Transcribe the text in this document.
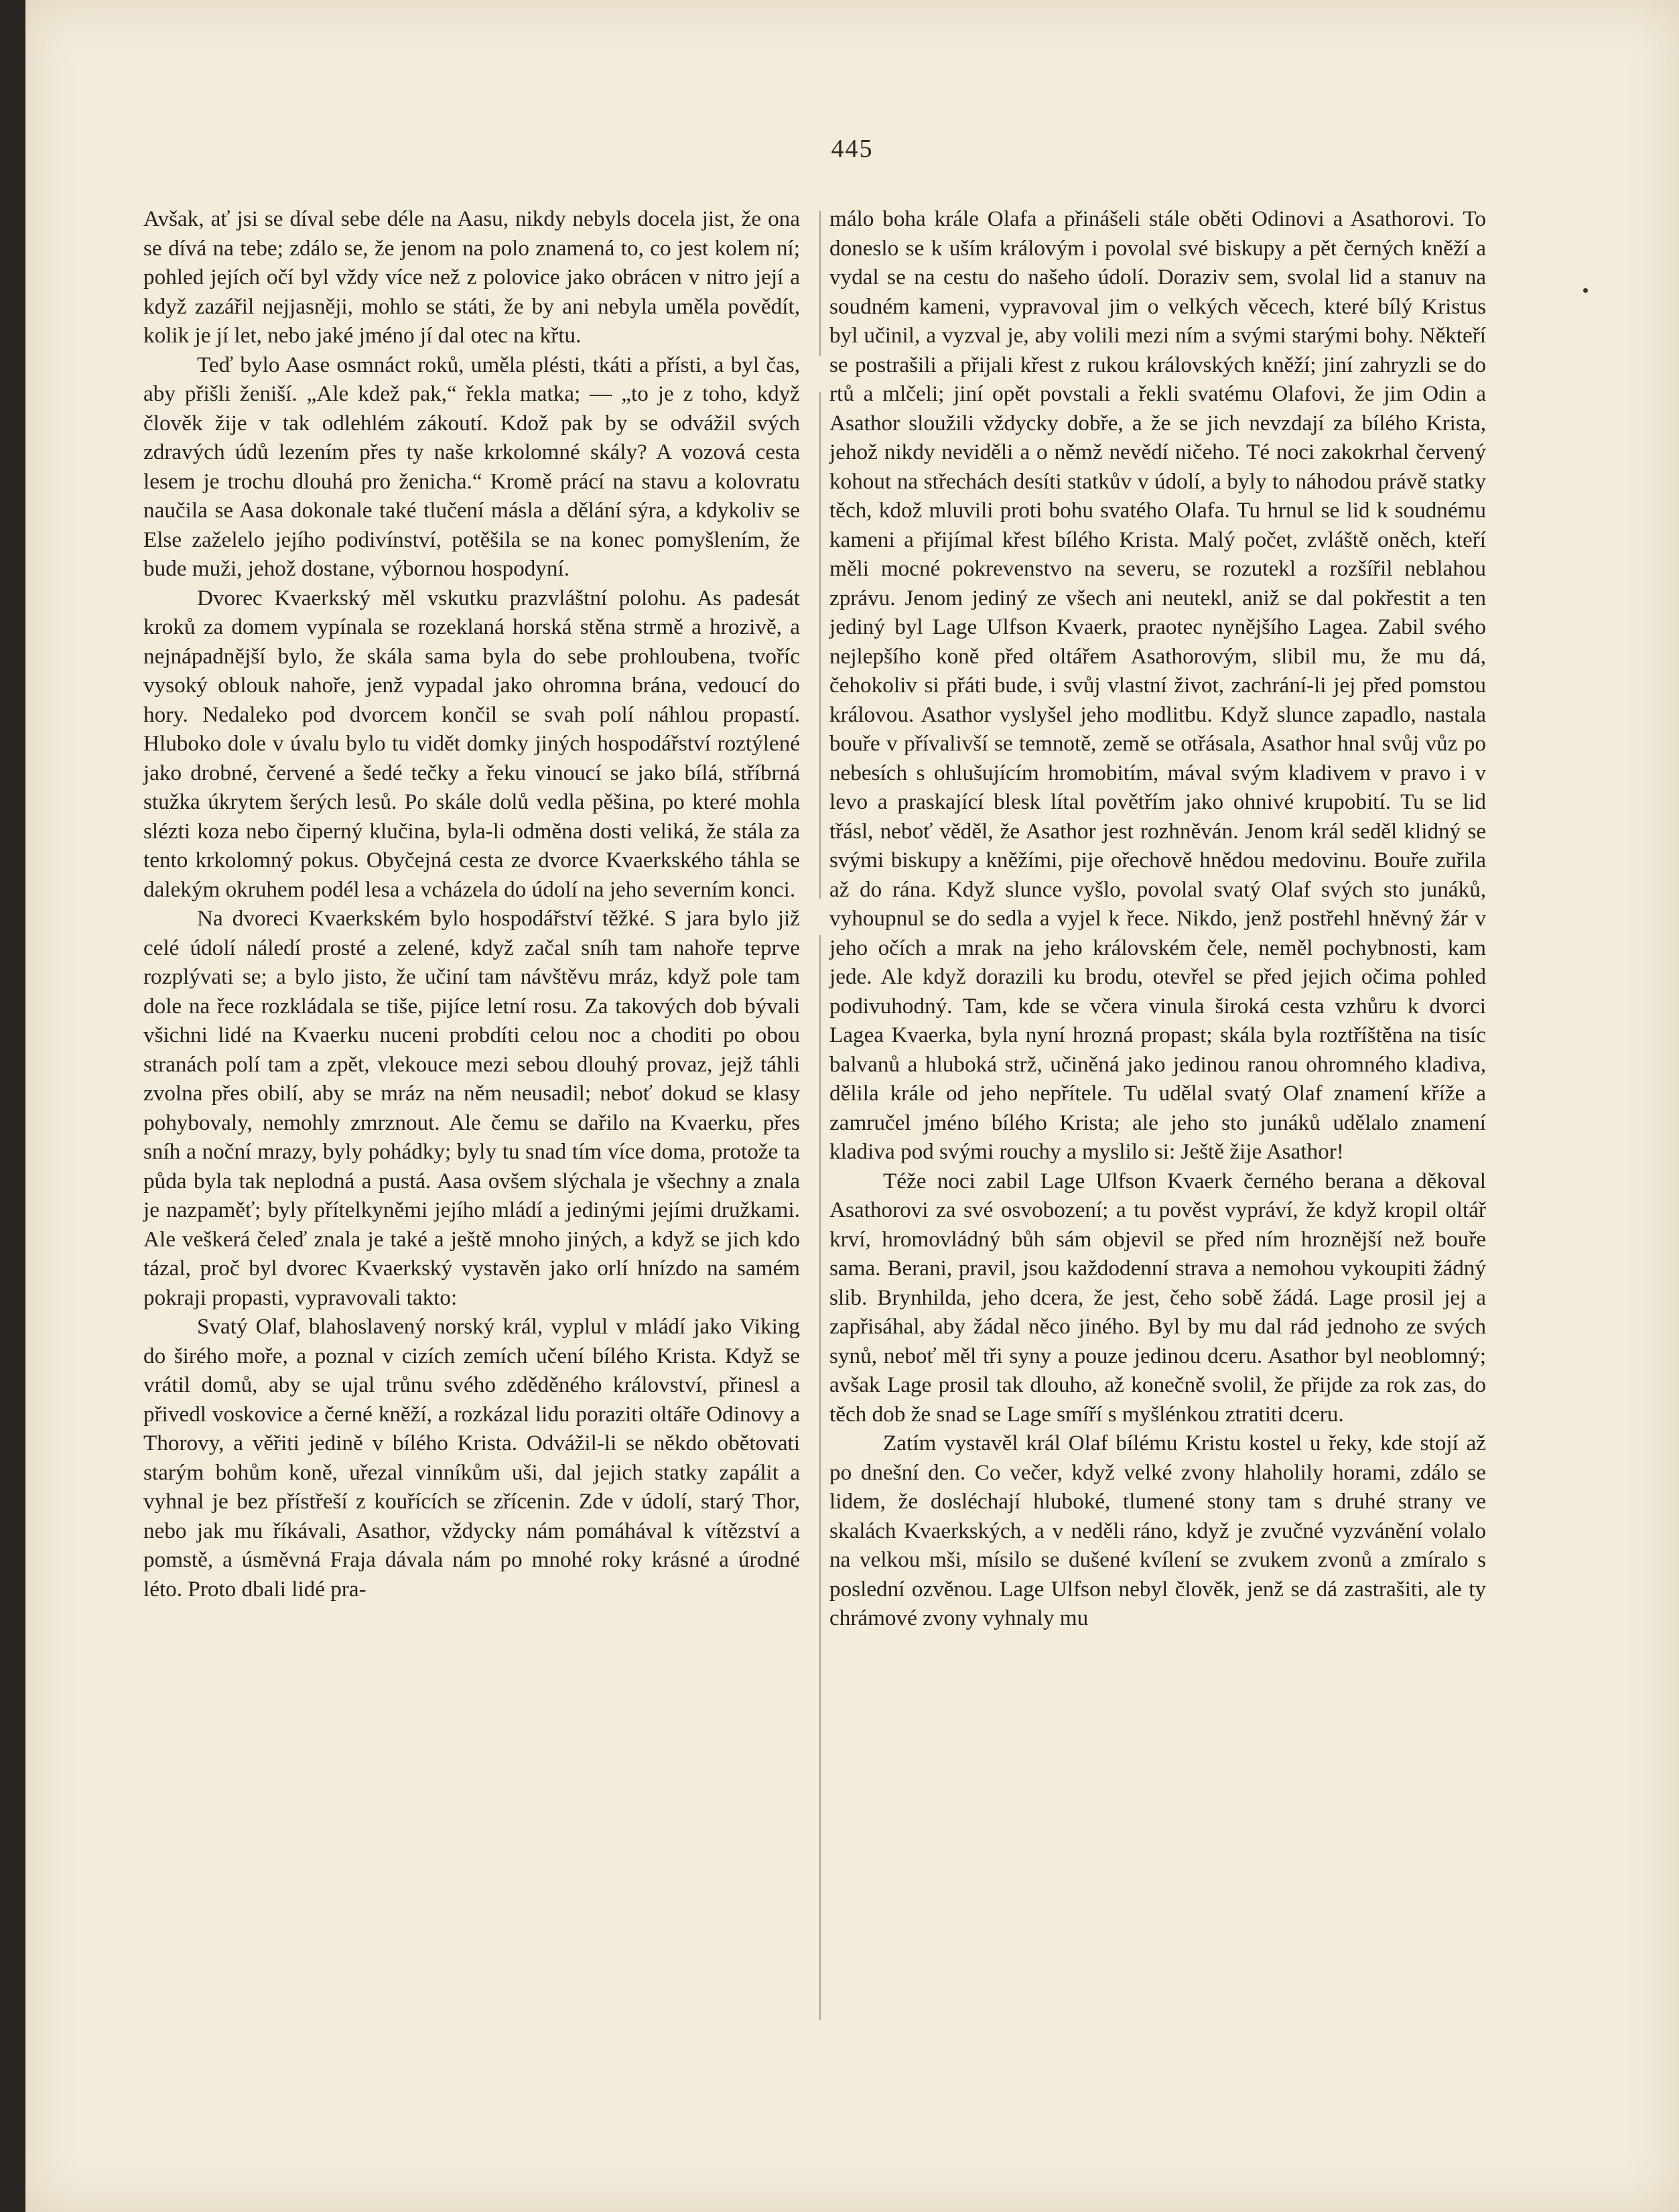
445

Avšak, ať jsi se díval sebe déle na Aasu, nikdy nebyls docela jist, že ona se dívá na tebe; zdálo se, že jenom na polo znamená to, co jest kolem ní; pohled jejích očí byl vždy více než z polovice jako obrácen v nitro její a když zazářil nejjasněji, mohlo se státi, že by ani nebyla uměla povědít, kolik je jí let, nebo jaké jméno jí dal otec na křtu.

Teď bylo Aase osmnáct roků, uměla plésti, tkáti a přísti, a byl čas, aby přišli ženiší. „Ale kdež pak,“ řekla matka; — „to je z toho, když člověk žije v tak odlehlém zákoutí. Kdož pak by se odvážil svých zdravých údů lezením přes ty naše krkolomné skály? A vozová cesta lesem je trochu dlouhá pro ženicha.“ Kromě prácí na stavu a kolovratu naučila se Aasa dokonale také tlučení másla a dělání sýra, a kdykoliv se Else zaželelo jejího podivínství, potěšila se na konec pomyšlením, že bude muži, jehož dostane, výbornou hospodyní.

Dvorec Kvaerkský měl vskutku prazvláštní polohu. As padesát kroků za domem vypínala se rozeklaná horská stěna strmě a hrozivě, a nejnápadnější bylo, že skála sama byla do sebe prohloubena, tvoříc vysoký oblouk nahoře, jenž vypadal jako ohromna brána, vedoucí do hory. Nedaleko pod dvorcem končil se svah polí náhlou propastí. Hluboko dole v úvalu bylo tu vidět domky jiných hospodářství roztýlené jako drobné, červené a šedé tečky a řeku vinoucí se jako bílá, stříbrná stužka úkrytem šerých lesů. Po skále dolů vedla pěšina, po které mohla slézti koza nebo čiperný klučina, byla-li odměna dosti veliká, že stála za tento krkolomný pokus. Obyčejná cesta ze dvorce Kvaerkského táhla se dalekým okruhem podél lesa a vcházela do údolí na jeho severním konci.

Na dvoreci Kvaerkském bylo hospodářství těžké. S jara bylo již celé údolí náledí prosté a zelené, když začal sníh tam nahoře teprve rozplývati se; a bylo jisto, že učiní tam návštěvu mráz, když pole tam dole na řece rozkládala se tiše, pijíce letní rosu. Za takových dob bývali všichni lidé na Kvaerku nuceni probdíti celou noc a choditi po obou stranách polí tam a zpět, vlekouce mezi sebou dlouhý provaz, jejž táhli zvolna přes obilí, aby se mráz na něm neusadil; neboť dokud se klasy pohybovaly, nemohly zmrznout. Ale čemu se dařilo na Kvaerku, přes sníh a noční mrazy, byly pohádky; byly tu snad tím více doma, protože ta půda byla tak neplodná a pustá. Aasa ovšem slýchala je všechny a znala je nazpaměť; byly přítelkyněmi jejího mládí a jedinými jejími družkami. Ale veškerá čeleď znala je také a ještě mnoho jiných, a když se jich kdo tázal, proč byl dvorec Kvaerkský vystavěn jako orlí hnízdo na samém pokraji propasti, vypravovali takto:

Svatý Olaf, blahoslavený norský král, vyplul v mládí jako Viking do širého moře, a poznal v cizích zemích učení bílého Krista. Když se vrátil domů, aby se ujal trůnu svého zděděného království, přinesl a přivedl voskovice a černé kněží, a rozkázal lidu poraziti oltáře Odinovy a Thorovy, a věřiti jedině v bílého Krista. Odvážil-li se někdo obětovati starým bohům koně, uřezal vinníkům uši, dal jejich statky zapálit a vyhnal je bez přístřeší z kouřících se zřícenin. Zde v údolí, starý Thor, nebo jak mu říkávali, Asathor, vždycky nám pomáhával k vítězství a pomstě, a úsměvná Fraja dávala nám po mnohé roky krásné a úrodné léto. Proto dbali lidé pra-

málo boha krále Olafa a přinášeli stále oběti Odinovi a Asathorovi. To doneslo se k uším královým i povolal své biskupy a pět černých kněží a vydal se na cestu do našeho údolí. Doraziv sem, svolal lid a stanuv na soudném kameni, vypravoval jim o velkých věcech, které bílý Kristus byl učinil, a vyzval je, aby volili mezi ním a svými starými bohy. Někteří se postrašili a přijali křest z rukou královských kněží; jiní zahryzli se do rtů a mlčeli; jiní opět povstali a řekli svatému Olafovi, že jim Odin a Asathor sloužili vždycky dobře, a že se jich nevzdají za bílého Krista, jehož nikdy neviděli a o němž nevědí ničeho. Té noci zakokrhal červený kohout na střechách desíti statkův v údolí, a byly to náhodou právě statky těch, kdož mluvili proti bohu svatého Olafa. Tu hrnul se lid k soudnému kameni a přijímal křest bílého Krista. Malý počet, zvláště oněch, kteří měli mocné pokrevenstvo na severu, se rozutekl a rozšířil neblahou zprávu. Jenom jediný ze všech ani neutekl, aniž se dal pokřestit a ten jediný byl Lage Ulfson Kvaerk, praotec nynějšího Lagea. Zabil svého nejlepšího koně před oltářem Asathorovým, slibil mu, že mu dá, čehokoliv si přáti bude, i svůj vlastní život, zachrání-li jej před pomstou královou. Asathor vyslyšel jeho modlitbu. Když slunce zapadlo, nastala bouře v přívalivší se temnotě, země se otřásala, Asathor hnal svůj vůz po nebesích s ohlušujícím hromobitím, mával svým kladivem v pravo i v levo a praskající blesk lítal povětřím jako ohnivé krupobití. Tu se lid třásl, neboť věděl, že Asathor jest rozhněván. Jenom král seděl klidný se svými biskupy a kněžími, pije ořechově hnědou medovinu. Bouře zuřila až do rána. Když slunce vyšlo, povolal svatý Olaf svých sto junáků, vyhoupnul se do sedla a vyjel k řece. Nikdo, jenž postřehl hněvný žár v jeho očích a mrak na jeho královském čele, neměl pochybnosti, kam jede. Ale když dorazili ku brodu, otevřel se před jejich očima pohled podivuhodný. Tam, kde se včera vinula široká cesta vzhůru k dvorci Lagea Kvaerka, byla nyní hrozná propast; skála byla roztříštěna na tisíc balvanů a hluboká strž, učiněná jako jedinou ranou ohromného kladiva, dělila krále od jeho nepřítele. Tu udělal svatý Olaf znamení kříže a zamručel jméno bílého Krista; ale jeho sto junáků udělalo znamení kladiva pod svými rouchy a myslilo si: Ještě žije Asathor!

Téže noci zabil Lage Ulfson Kvaerk černého berana a děkoval Asathorovi za své osvobození; a tu pověst vypráví, že když kropil oltář krví, hromovládný bůh sám objevil se před ním hroznější než bouře sama. Berani, pravil, jsou každodenní strava a nemohou vykoupiti žádný slib. Brynhilda, jeho dcera, že jest, čeho sobě žádá. Lage prosil jej a zapřisáhal, aby žádal něco jiného. Byl by mu dal rád jednoho ze svých synů, neboť měl tři syny a pouze jedinou dceru. Asathor byl neoblomný; avšak Lage prosil tak dlouho, až konečně svolil, že přijde za rok zas, do těch dob že snad se Lage smíří s myšlénkou ztratiti dceru.

Zatím vystavěl král Olaf bílému Kristu kostel u řeky, kde stojí až po dnešní den. Co večer, když velké zvony hlaholily horami, zdálo se lidem, že dosléchají hluboké, tlumené stony tam s druhé strany ve skalách Kvaerkských, a v neděli ráno, když je zvučné vyzvánění volalo na velkou mši, mísilo se dušené kvílení se zvukem zvonů a zmíralo s poslední ozvěnou. Lage Ulfson nebyl člověk, jenž se dá zastrašiti, ale ty chrámové zvony vyhnaly mu
